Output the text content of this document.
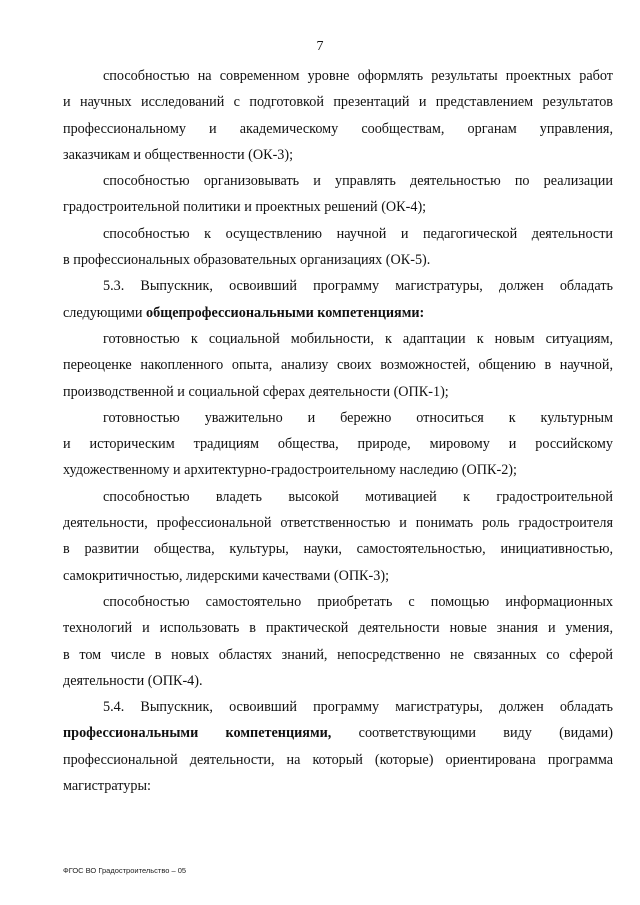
7
способностью на современном уровне оформлять результаты проектных работ
и научных исследований с подготовкой презентаций и представлением результатов
профессиональному и академическому сообществам, органам управления,
заказчикам и общественности (ОК-3);
способностью организовывать и управлять деятельностью по реализации
градостроительной политики и проектных решений (ОК-4);
способностью к осуществлению научной и педагогической деятельности
в профессиональных образовательных организациях (ОК-5).
5.3. Выпускник, освоивший программу магистратуры, должен обладать
следующими общепрофессиональными компетенциями:
готовностью к социальной мобильности, к адаптации к новым ситуациям,
переоценке накопленного опыта, анализу своих возможностей, общению в научной,
производственной и социальной сферах деятельности (ОПК-1);
готовностью уважительно и бережно относиться к культурным
и историческим традициям общества, природе, мировому и российскому
художественному и архитектурно-градостроительному наследию (ОПК-2);
способностью владеть высокой мотивацией к градостроительной
деятельности, профессиональной ответственностью и понимать роль градостроителя
в развитии общества, культуры, науки, самостоятельностью, инициативностью,
самокритичностью, лидерскими качествами (ОПК-3);
способностью самостоятельно приобретать с помощью информационных
технологий и использовать в практической деятельности новые знания и умения,
в том числе в новых областях знаний, непосредственно не связанных со сферой
деятельности (ОПК-4).
5.4. Выпускник, освоивший программу магистратуры, должен обладать
профессиональными компетенциями, соответствующими виду (видами)
профессиональной деятельности, на который (которые) ориентирована программа
магистратуры:
ФГОС ВО Градостроительство – 05
